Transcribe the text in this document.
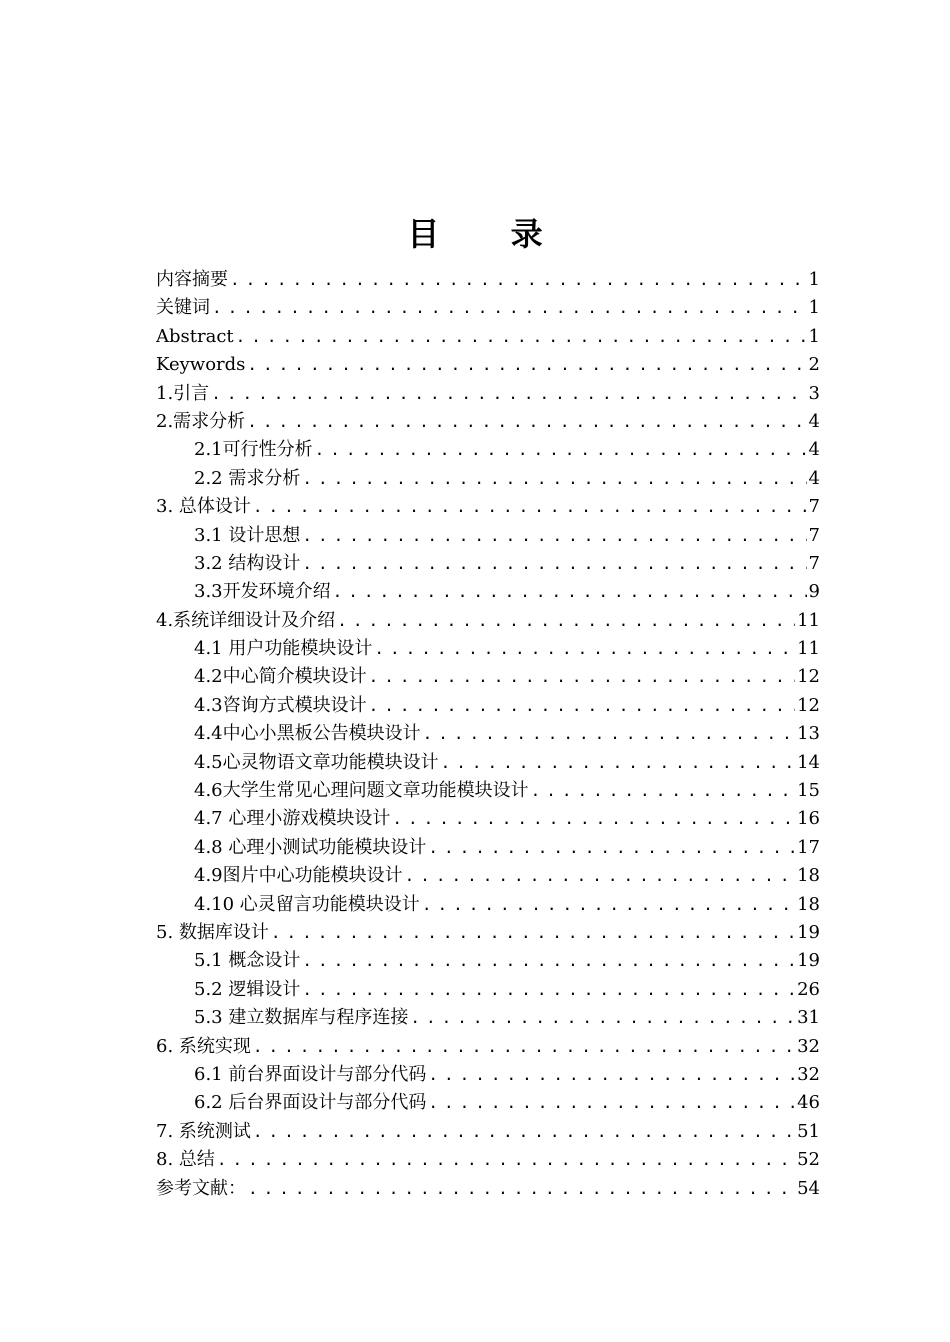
目 录
内容摘要 .....	1
关键词 .....	1
Abstract .....	1
Keywords .....	2
1.引言 .....	3
2.需求分析 .....	4
2.1可行性分析 .....	4
2.2 需求分析 .....	4
3. 总体设计 .....	7
3.1 设计思想 .....	7
3.2 结构设计 .....	7
3.3开发环境介绍 .....	9
4.系统详细设计及介绍 .....	11
4.1 用户功能模块设计 .....	11
4.2中心简介模块设计 .....	12
4.3咨询方式模块设计 .....	12
4.4中心小黑板公告模块设计 .....	13
4.5心灵物语文章功能模块设计 .....	14
4.6大学生常见心理问题文章功能模块设计 .....	15
4.7 心理小游戏模块设计 .....	16
4.8 心理小测试功能模块设计 .....	17
4.9图片中心功能模块设计 .....	18
4.10 心灵留言功能模块设计 .....	18
5. 数据库设计 .....	19
5.1 概念设计 .....	19
5.2 逻辑设计 .....	26
5.3 建立数据库与程序连接 .....	31
6. 系统实现 .....	32
6.1 前台界面设计与部分代码 .....	32
6.2 后台界面设计与部分代码 .....	46
7. 系统测试 .....	51
8. 总结 .....	52
参考文献： .....	54
